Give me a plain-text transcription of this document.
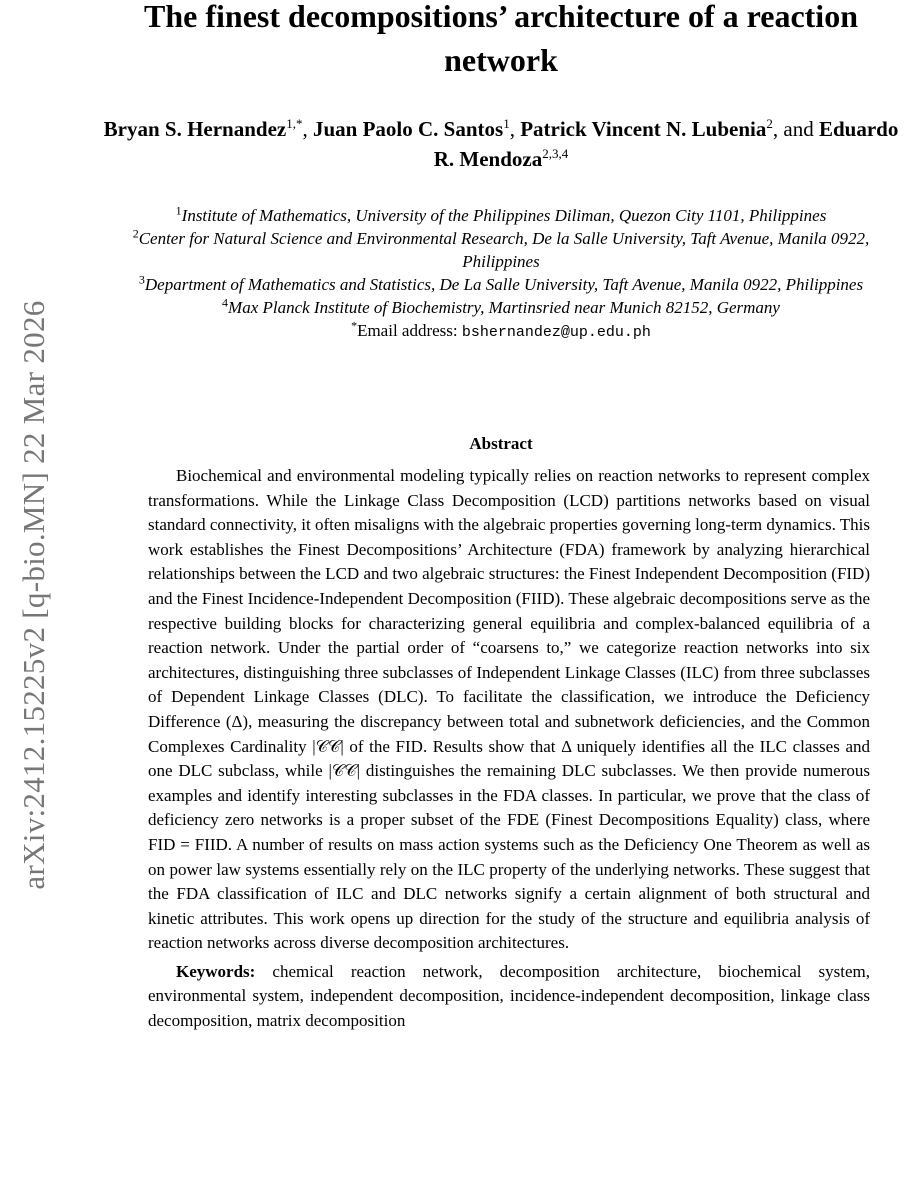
arXiv:2412.15225v2 [q-bio.MN] 22 Mar 2026
The finest decompositions’ architecture of a reaction network
Bryan S. Hernandez$^{1,*}$, Juan Paolo C. Santos$^1$, Patrick Vincent N. Lubenia$^2$, and Eduardo R. Mendoza$^{2,3,4}$
$^1$Institute of Mathematics, University of the Philippines Diliman, Quezon City 1101, Philippines
$^2$Center for Natural Science and Environmental Research, De la Salle University, Taft Avenue, Manila 0922, Philippines
$^3$Department of Mathematics and Statistics, De La Salle University, Taft Avenue, Manila 0922, Philippines
$^4$Max Planck Institute of Biochemistry, Martinsried near Munich 82152, Germany
*Email address: bshernandez@up.edu.ph
Abstract

Biochemical and environmental modeling typically relies on reaction networks to represent complex transformations. While the Linkage Class Decomposition (LCD) partitions networks based on visual standard connectivity, it often misaligns with the algebraic properties governing long-term dynamics. This work establishes the Finest Decompositions’ Architecture (FDA) framework by analyzing hierarchical relationships between the LCD and two algebraic structures: the Finest Independent Decomposition (FID) and the Finest Incidence-Independent Decomposition (FIID). These algebraic decompositions serve as the respective building blocks for characterizing general equilibria and complex-balanced equilibria of a reaction network. Under the partial order of “coarsens to,” we categorize reaction networks into six architectures, distinguishing three subclasses of Independent Linkage Classes (ILC) from three subclasses of Dependent Linkage Classes (DLC). To facilitate the classification, we introduce the Deficiency Difference (Δ), measuring the discrepancy between total and subnetwork deficiencies, and the Common Complexes Cardinality |𝒞𝒞| of the FID. Results show that Δ uniquely identifies all the ILC classes and one DLC subclass, while |𝒞𝒞| distinguishes the remaining DLC subclasses. We then provide numerous examples and identify interesting subclasses in the FDA classes. In particular, we prove that the class of deficiency zero networks is a proper subset of the FDE (Finest Decompositions Equality) class, where FID = FIID. A number of results on mass action systems such as the Deficiency One Theorem as well as on power law systems essentially rely on the ILC property of the underlying networks. These suggest that the FDA classification of ILC and DLC networks signify a certain alignment of both structural and kinetic attributes. This work opens up direction for the study of the structure and equilibria analysis of reaction networks across diverse decomposition architectures.

Keywords: chemical reaction network, decomposition architecture, biochemical system, environmental system, independent decomposition, incidence-independent decomposition, linkage class decomposition, matrix decomposition
